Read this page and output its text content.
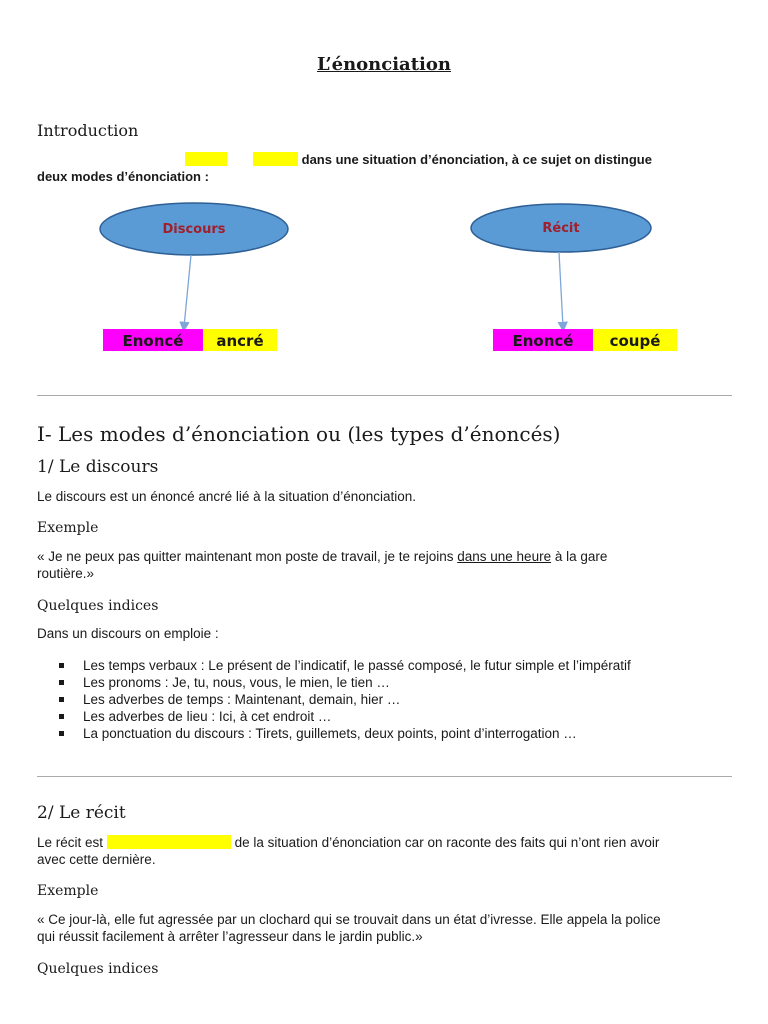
L’énonciation
Introduction
dans une situation d’énonciation, à ce sujet on distingue
deux modes d’énonciation :
Discours
Enoncé ancré
Récit
Enoncé coupé
I- Les modes d’énonciation ou (les types d’énoncés)
1/ Le discours
Le discours est un énoncé ancré lié à la situation d’énonciation.
Exemple
« Je ne peux pas quitter maintenant mon poste de travail, je te rejoins dans une heure à la gare
routière.»
Quelques indices
Dans un discours on emploie :
Les temps verbaux : Le présent de l’indicatif, le passé composé, le futur simple et l’impératif
Les pronoms : Je, tu, nous, vous, le mien, le tien …
Les adverbes de temps : Maintenant, demain, hier …
Les adverbes de lieu : Ici, à cet endroit …
La ponctuation du discours : Tirets, guillemets, deux points, point d’interrogation …
2/ Le récit
Le récit est	de la situation d’énonciation car on raconte des faits qui n’ont rien avoir
avec cette dernière.
Exemple
« Ce jour-là, elle fut agressée par un clochard qui se trouvait dans un état d’ivresse. Elle appela la police
qui réussit facilement à arrêter l’agresseur dans le jardin public.»
Quelques indices
